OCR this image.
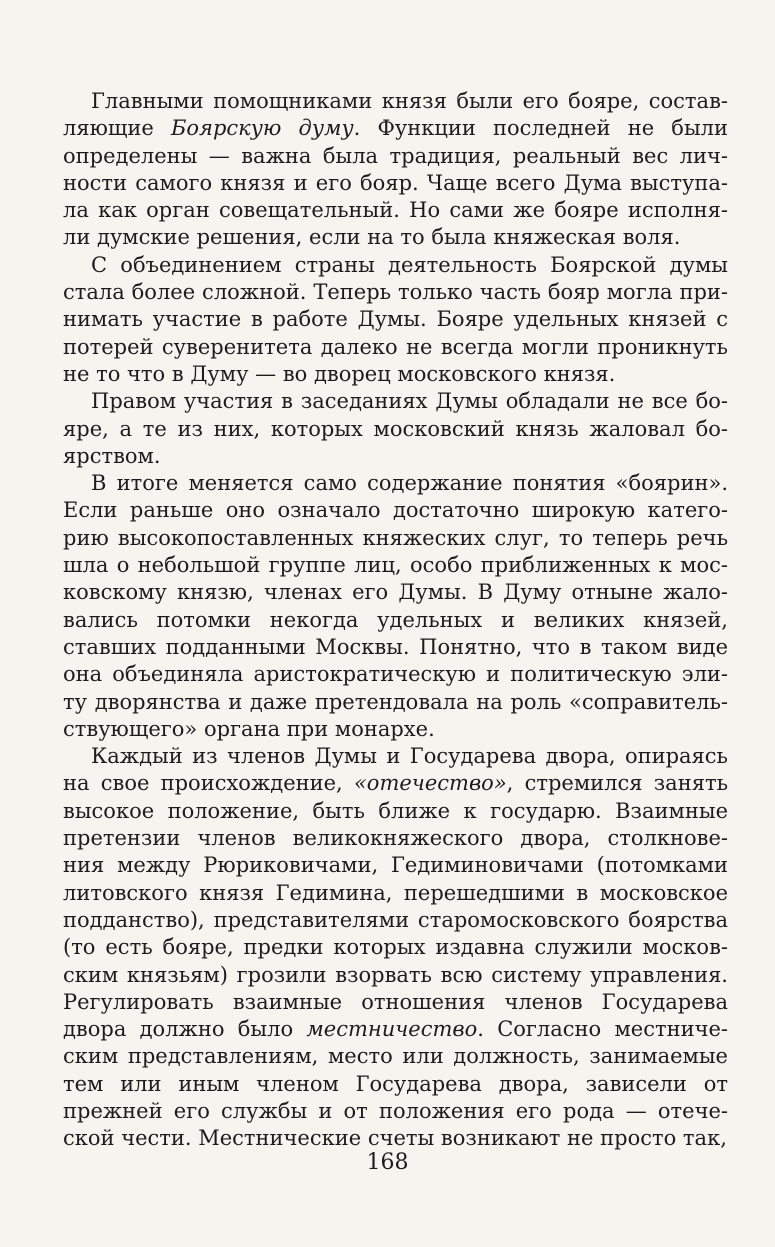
Главными помощниками князя были его бояре, состав-
ляющие Боярскую думу. Функции последней не были
определены — важна была традиция, реальный вес лич-
ности самого князя и его бояр. Чаще всего Дума выступа-
ла как орган совещательный. Но сами же бояре исполня-
ли думские решения, если на то была княжеская воля.
С объединением страны деятельность Боярской думы
стала более сложной. Теперь только часть бояр могла при-
нимать участие в работе Думы. Бояре удельных князей с
потерей суверенитета далеко не всегда могли проникнуть
не то что в Думу — во дворец московского князя.
Правом участия в заседаниях Думы обладали не все бо-
яре, а те из них, которых московский князь жаловал бо-
ярством.
В итоге меняется само содержание понятия «боярин».
Если раньше оно означало достаточно широкую катего-
рию высокопоставленных княжеских слуг, то теперь речь
шла о небольшой группе лиц, особо приближенных к мос-
ковскому князю, членах его Думы. В Думу отныне жало-
вались потомки некогда удельных и великих князей,
ставших подданными Москвы. Понятно, что в таком виде
она объединяла аристократическую и политическую эли-
ту дворянства и даже претендовала на роль «соправитель-
ствующего» органа при монархе.
Каждый из членов Думы и Государева двора, опираясь
на свое происхождение, «отечество», стремился занять
высокое положение, быть ближе к государю. Взаимные
претензии членов великокняжеского двора, столкнове-
ния между Рюриковичами, Гедиминовичами (потомками
литовского князя Гедимина, перешедшими в московское
подданство), представителями старомосковского боярства
(то есть бояре, предки которых издавна служили москов-
ским князьям) грозили взорвать всю систему управления.
Регулировать взаимные отношения членов Государева
двора должно было местничество. Согласно местниче-
ским представлениям, место или должность, занимаемые
тем или иным членом Государева двора, зависели от
прежней его службы и от положения его рода — отече-
ской чести. Местнические счеты возникают не просто так,
168
